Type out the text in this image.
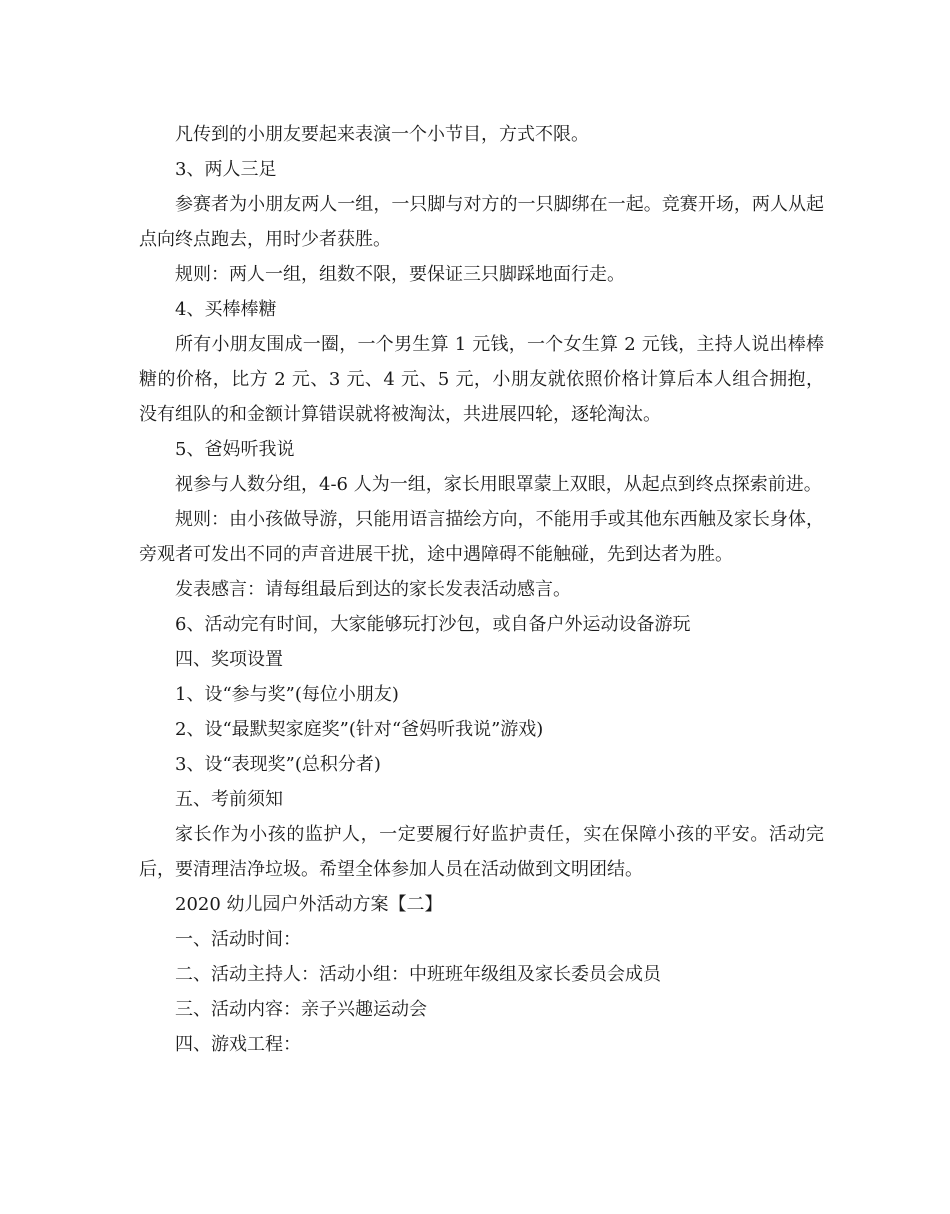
凡传到的小朋友要起来表演一个小节目，方式不限。

3、两人三足

参赛者为小朋友两人一组，一只脚与对方的一只脚绑在一起。竞赛开场，两人从起点向终点跑去，用时少者获胜。

规则：两人一组，组数不限，要保证三只脚踩地面行走。

4、买棒棒糖

所有小朋友围成一圈，一个男生算 1 元钱，一个女生算 2 元钱，主持人说出棒棒糖的价格，比方 2 元、3 元、4 元、5 元，小朋友就依照价格计算后本人组合拥抱，没有组队的和金额计算错误就将被淘汰，共进展四轮，逐轮淘汰。

5、爸妈听我说

视参与人数分组，4-6 人为一组，家长用眼罩蒙上双眼，从起点到终点探索前进。

规则：由小孩做导游，只能用语言描绘方向，不能用手或其他东西触及家长身体，旁观者可发出不同的声音进展干扰，途中遇障碍不能触碰，先到达者为胜。

发表感言：请每组最后到达的家长发表活动感言。

6、活动完有时间，大家能够玩打沙包，或自备户外运动设备游玩

四、奖项设置

1、设“参与奖”(每位小朋友)

2、设“最默契家庭奖”(针对“爸妈听我说”游戏)

3、设“表现奖”(总积分者)

五、考前须知

家长作为小孩的监护人，一定要履行好监护责任，实在保障小孩的平安。活动完后，要清理洁净垃圾。希望全体参加人员在活动做到文明团结。

2020 幼儿园户外活动方案【二】

一、活动时间：

二、活动主持人：活动小组：中班班年级组及家长委员会成员

三、活动内容：亲子兴趣运动会

四、游戏工程：
